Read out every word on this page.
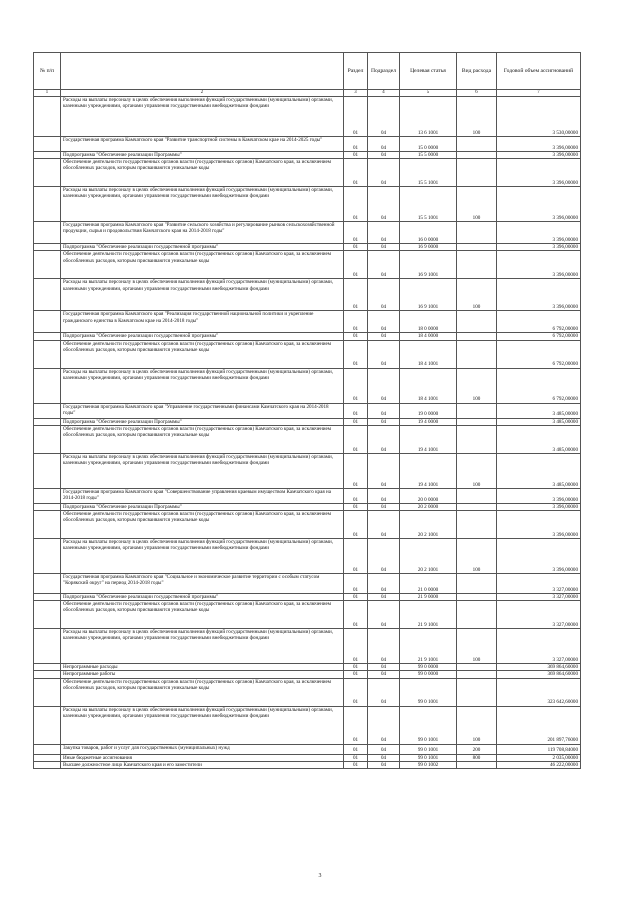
№ п/п		Раздел	Подраздел	Целевая статья	Вид расхода	Годовой объем ассигнований
1	2	3	4	5	6	7
	Расходы на выплаты персоналу в целях обеспечения выполнения функций государственными (муниципальными) органами, казенными учреждениями, органами управления государственными внебюджетными фондами	01	04	13 6 1001	100	3 530,00000
	Государственная программа Камчатского края "Развитие транспортной системы в Камчатском крае на 2014-2025 годы"	01	04	15 0 0000		3 396,00000
	Подпрограмма "Обеспечение реализации Программы"	01	04	15 5 0000		3 396,00000
	Обеспечение деятельности государственных органов власти (государственных органов) Камчатского края, за исключением обособленных расходов, которым присваиваются уникальные коды	01	04	15 5 1001		3 396,00000
	Расходы на выплаты персоналу в целях обеспечения выполнения функций государственными (муниципальными) органами, казенными учреждениями, органами управления государственными внебюджетными фондами	01	04	15 5 1001	100	3 396,00000
	Государственная программа Камчатского края "Развитие сельского хозяйства и регулирование рынков сельскохозяйственной продукции, сырья и продовольствия Камчатского края на 2014-2018 годы"	01	04	16 0 0000		3 396,00000
	Подпрограмма "Обеспечение реализации государственной программы"	01	04	16 9 0000		3 396,00000
	Обеспечение деятельности государственных органов власти (государственных органов) Камчатского края, за исключением обособленных расходов, которым присваиваются уникальные коды	01	04	16 9 1001		3 396,00000
	Расходы на выплаты персоналу в целях обеспечения выполнения функций государственными (муниципальными) органами, казенными учреждениями, органами управления государственными внебюджетными фондами	01	04	16 9 1001	100	3 396,00000
	Государственная программа Камчатского края "Реализация государственной национальной политики и укрепление гражданского единства в Камчатском крае на 2014-2018 годы"	01	04	18 0 0000		6 792,00000
	Подпрограмма "Обеспечение реализации государственной программы"	01	04	18 4 0000		6 792,00000
	Обеспечение деятельности государственных органов власти (государственных органов) Камчатского края, за исключением обособленных расходов, которым присваиваются уникальные коды	01	04	18 4 1001		6 792,00000
	Расходы на выплаты персоналу в целях обеспечения выполнения функций государственными (муниципальными) органами, казенными учреждениями, органами управления государственными внебюджетными фондами	01	04	18 4 1001	100	6 792,00000
	Государственная программа Камчатского края "Управление государственными финансами Камчатского края на 2014-2018 годы"	01	04	19 0 0000		3 485,00000
	Подпрограмма "Обеспечение реализации Программы"	01	04	19 4 0000		3 485,00000
	Обеспечение деятельности государственных органов власти (государственных органов) Камчатского края, за исключением обособленных расходов, которым присваиваются уникальные коды	01	04	19 4 1001		3 485,00000
	Расходы на выплаты персоналу в целях обеспечения выполнения функций государственными (муниципальными) органами, казенными учреждениями, органами управления государственными внебюджетными фондами	01	04	19 4 1001	100	3 485,00000
	Государственная программа Камчатского края "Совершенствование управления краевым имуществом Камчатского края на 2014-2018 годы"	01	04	20 0 0000		3 396,00000
	Подпрограмма "Обеспечение реализации Программы"	01	04	20 2 0000		3 396,00000
	Обеспечение деятельности государственных органов власти (государственных органов) Камчатского края, за исключением обособленных расходов, которым присваиваются уникальные коды	01	04	20 2 1001		3 396,00000
	Расходы на выплаты персоналу в целях обеспечения выполнения функций государственными (муниципальными) органами, казенными учреждениями, органами управления государственными внебюджетными фондами	01	04	20 2 1001	100	3 396,00000
	Государственная программа Камчатского края "Социальное и экономическое развитие территории с особым статусом "Корякский округ" на период 2014-2018 годы"	01	04	21 0 0000		3 327,00000
	Подпрограмма "Обеспечение реализации государственной программы"	01	04	21 9 0000		3 327,00000
	Обеспечение деятельности государственных органов власти (государственных органов) Камчатского края, за исключением обособленных расходов, которым присваиваются уникальные коды	01	04	21 9 1001		3 327,00000
	Расходы на выплаты персоналу в целях обеспечения выполнения функций государственными (муниципальными) органами, казенными учреждениями, органами управления государственными внебюджетными фондами	01	04	21 9 1001	100	3 327,00000
	Непрограммные расходы	01	04	99 0 0000		369 864,60000
	Непрограммные работы	01	04	99 0 0000		369 864,60000
	Обеспечение деятельности государственных органов власти (государственных органов) Камчатского края, за исключением обособленных расходов, которым присваиваются уникальные коды	01	04	99 0 1001		323 642,60000
	Расходы на выплаты персоналу в целях обеспечения выполнения функций государственными (муниципальными) органами, казенными учреждениями, органами управления государственными внебюджетными фондами	01	04	99 0 1001	100	201 897,76000
	Закупка товаров, работ и услуг для государственных (муниципальных) нужд	01	04	99 0 1001	200	119 708,84000
	Иные бюджетные ассигнования	01	04	99 0 1001	800	2 035,00000
	Высшее должностное лицо Камчатского края и его заместители	01	04	99 0 1002		46 222,00000
3
